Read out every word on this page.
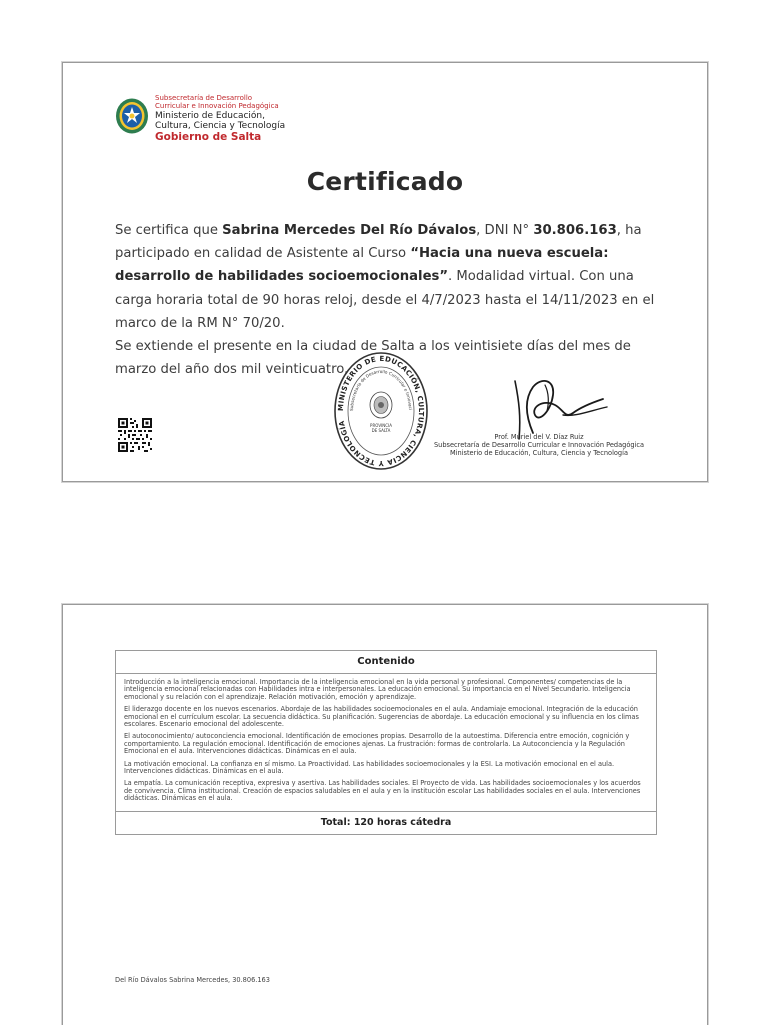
Subsecretaría de Desarrollo
Curricular e Innovación Pedagógica
Ministerio de Educación,
Cultura, Ciencia y Tecnología
Gobierno de Salta
Certificado
Se certifica que Sabrina Mercedes Del Río Dávalos, DNI N° 30.806.163, ha participado en calidad de Asistente al Curso “Hacia una nueva escuela: desarrollo de habilidades socioemocionales”. Modalidad virtual. Con una carga horaria total de 90 horas reloj, desde el 4/7/2023 hasta el 14/11/2023 en el marco de la RM N° 70/20.
Se extiende el presente en la ciudad de Salta a los veintisiete días del mes de marzo del año dos mil veinticuatro.
MINISTERIO DE EDUCACIÓN, CULTURA, CIENCIA Y TECNOLOGÍA
Subsecretaría de Desarrollo Curricular e Innovaci
PROVINCIA
DE SALTA
Prof. Muriel del V. Díaz Ruiz
Subsecretaría de Desarrollo Curricular e Innovación Pedagógica
Ministerio de Educación, Cultura, Ciencia y Tecnología
Contenido

Introducción a la inteligencia emocional. Importancia de la inteligencia emocional en la vida personal y profesional. Componentes/ competencias de la inteligencia emocional relacionadas con Habilidades intra e interpersonales. La educación emocional. Su importancia en el Nivel Secundario. Inteligencia emocional y su relación con el aprendizaje. Relación motivación, emoción y aprendizaje.

El liderazgo docente en los nuevos escenarios. Abordaje de las habilidades socioemocionales en el aula. Andamiaje emocional. Integración de la educación emocional en el currículum escolar. La secuencia didáctica. Su planificación. Sugerencias de abordaje. La educación emocional y su influencia en los climas escolares. Escenario emocional del adolescente.

El autoconocimiento/ autoconciencia emocional. Identificación de emociones propias. Desarrollo de la autoestima. Diferencia entre emoción, cognición y comportamiento. La regulación emocional. Identificación de emociones ajenas. La frustración: formas de controlarla. La Autoconciencia y la Regulación Emocional en el aula. Intervenciones didácticas. Dinámicas en el aula.

La motivación emocional. La confianza en sí mismo. La Proactividad. Las habilidades socioemocionales y la ESI. La motivación emocional en el aula. Intervenciones didácticas. Dinámicas en el aula.

La empatía. La comunicación receptiva, expresiva y asertiva. Las habilidades sociales. El Proyecto de vida. Las habilidades socioemocionales y los acuerdos de convivencia. Clima institucional. Creación de espacios saludables en el aula y en la institución escolar Las habilidades sociales en el aula. Intervenciones didácticas. Dinámicas en el aula.

Total: 120 horas cátedra
Del Río Dávalos Sabrina Mercedes, 30.806.163
